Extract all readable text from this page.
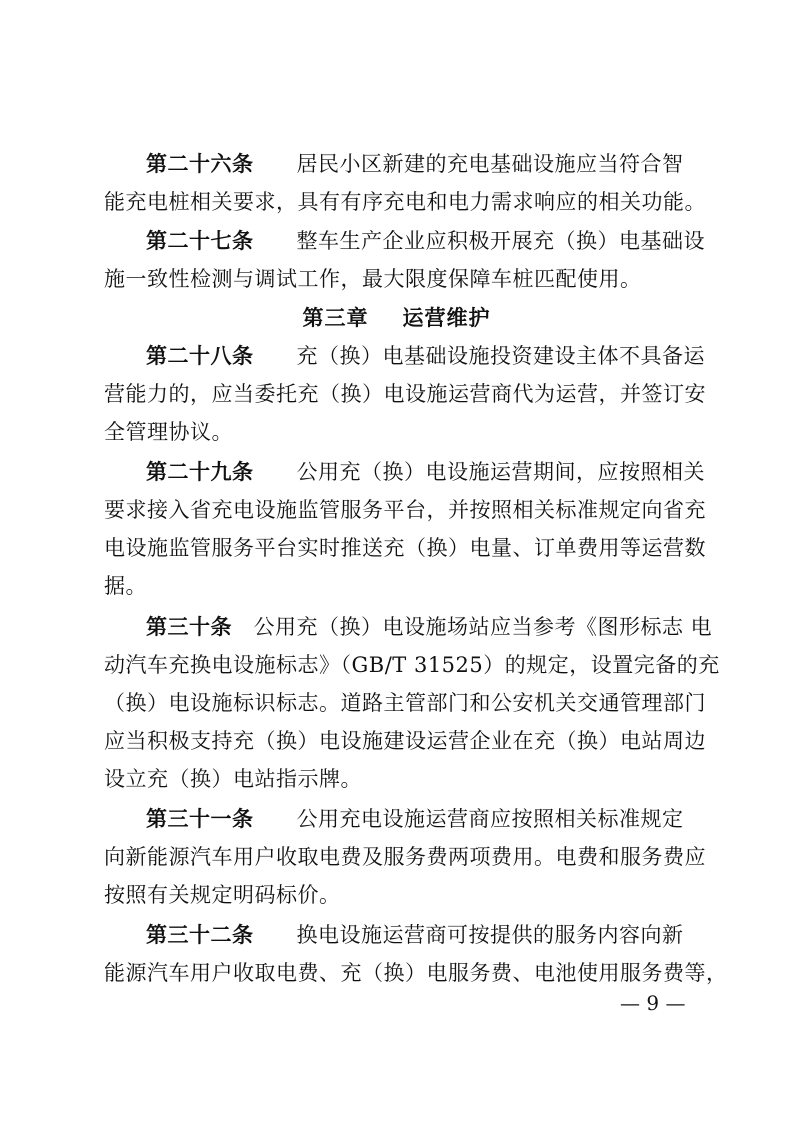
第二十六条　　居民小区新建的充电基础设施应当符合智
能充电桩相关要求，具有有序充电和电力需求响应的相关功能。
第二十七条　　整车生产企业应积极开展充（换）电基础设
施一致性检测与调试工作，最大限度保障车桩匹配使用。
第三章 运营维护
第二十八条　　充（换）电基础设施投资建设主体不具备运
营能力的，应当委托充（换）电设施运营商代为运营，并签订安
全管理协议。
第二十九条　　公用充（换）电设施运营期间，应按照相关
要求接入省充电设施监管服务平台，并按照相关标准规定向省充
电设施监管服务平台实时推送充（换）电量、订单费用等运营数
据。
第三十条　公用充（换）电设施场站应当参考《图形标志 电
动汽车充换电设施标志》（GB/T 31525）的规定，设置完备的充
（换）电设施标识标志。道路主管部门和公安机关交通管理部门
应当积极支持充（换）电设施建设运营企业在充（换）电站周边
设立充（换）电站指示牌。
第三十一条　　公用充电设施运营商应按照相关标准规定
向新能源汽车用户收取电费及服务费两项费用。电费和服务费应
按照有关规定明码标价。
第三十二条　　换电设施运营商可按提供的服务内容向新
能源汽车用户收取电费、充（换）电服务费、电池使用服务费等，
— 9 —
